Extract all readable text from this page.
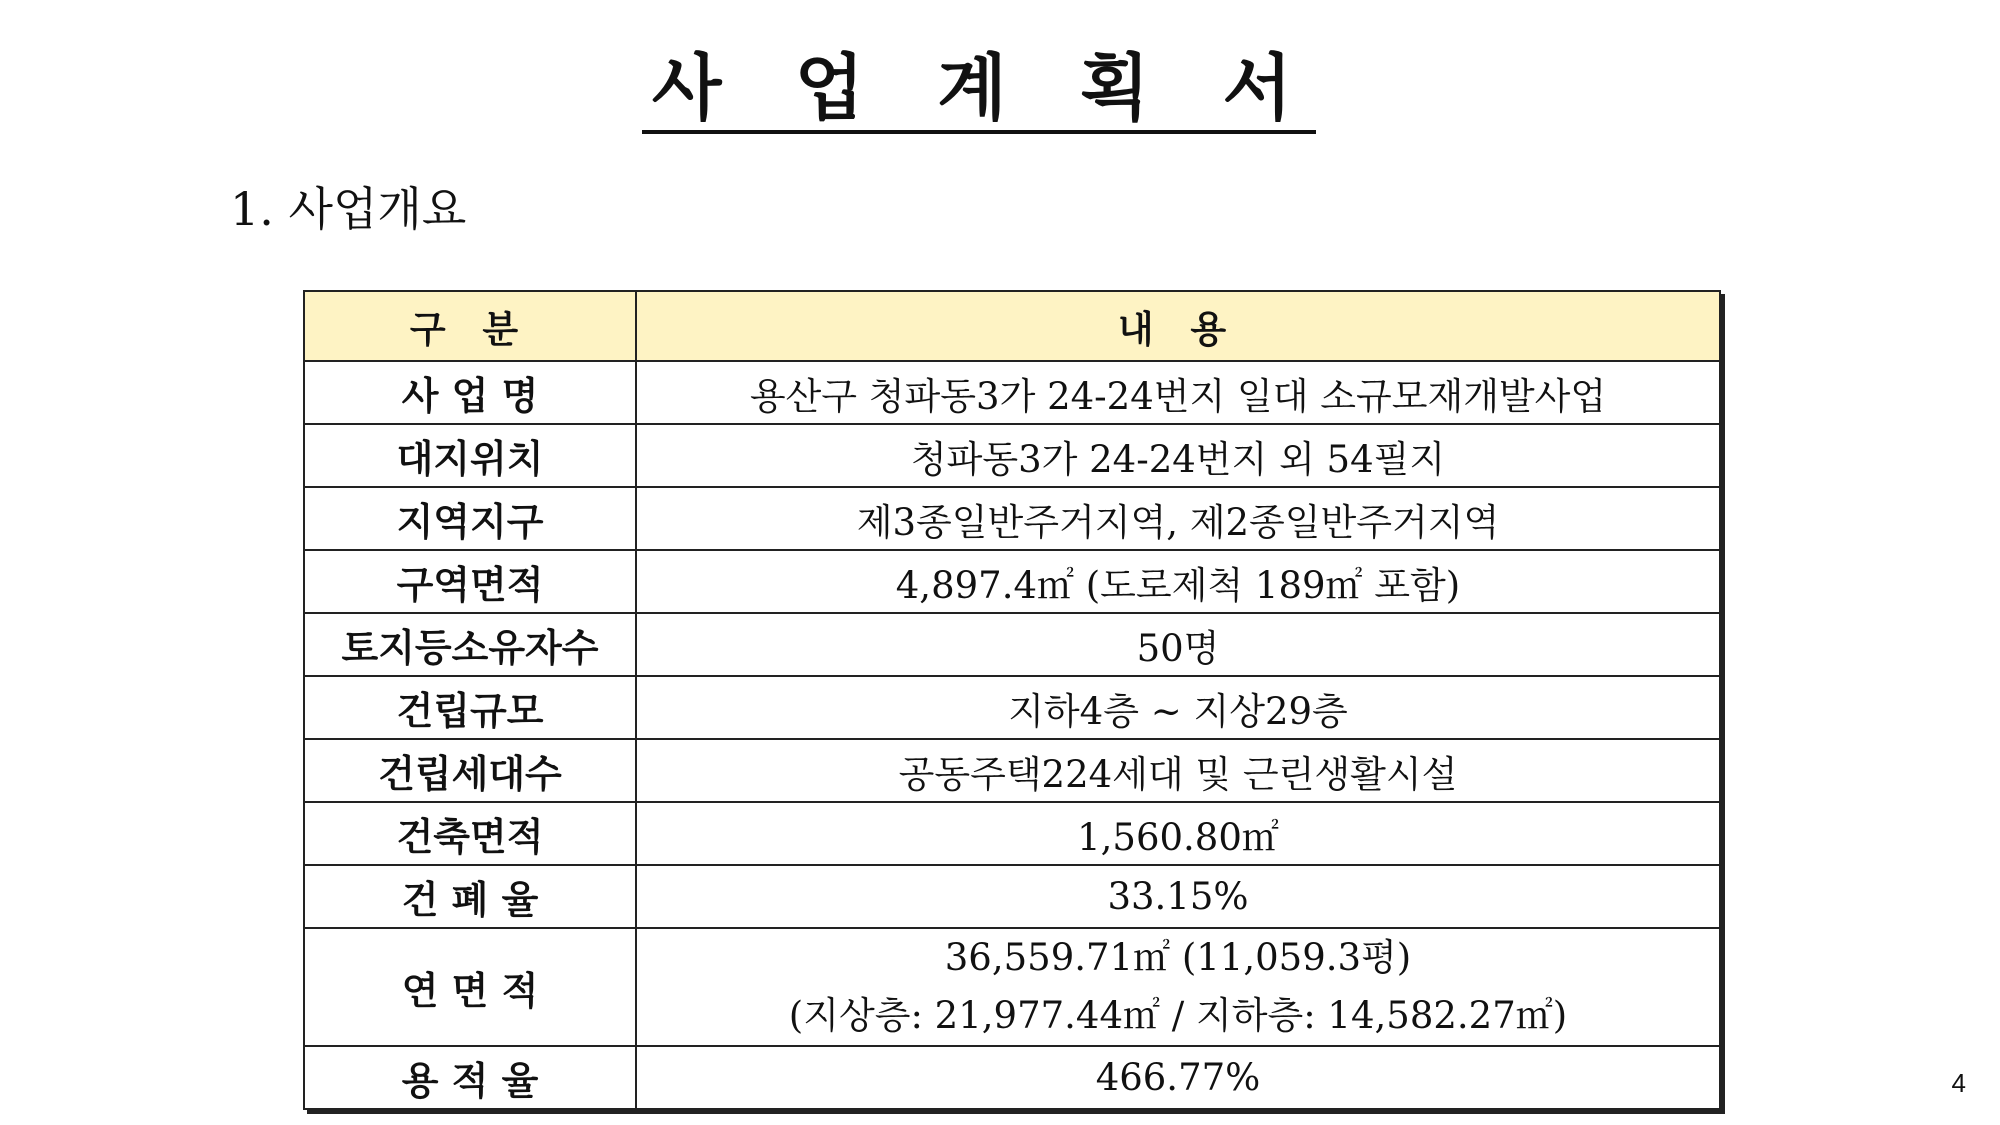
사 업 계 획 서
1. 사업개요
구 분	내 용
사 업 명	용산구 청파동3가 24-24번지 일대 소규모재개발사업
대지위치	청파동3가 24-24번지 외 54필지
지역지구	제3종일반주거지역, 제2종일반주거지역
구역면적	4,897.4㎡ (도로제척 189㎡ 포함)
토지등소유자수	50명
건립규모	지하4층 ~ 지상29층
건립세대수	공동주택224세대 및 근린생활시설
건축면적	1,560.80㎡
건 폐 율	33.15%
연 면 적	36,559.71㎡ (11,059.3평)
(지상층: 21,977.44㎡ / 지하층: 14,582.27㎡)

용 적 율	466.77%	4
